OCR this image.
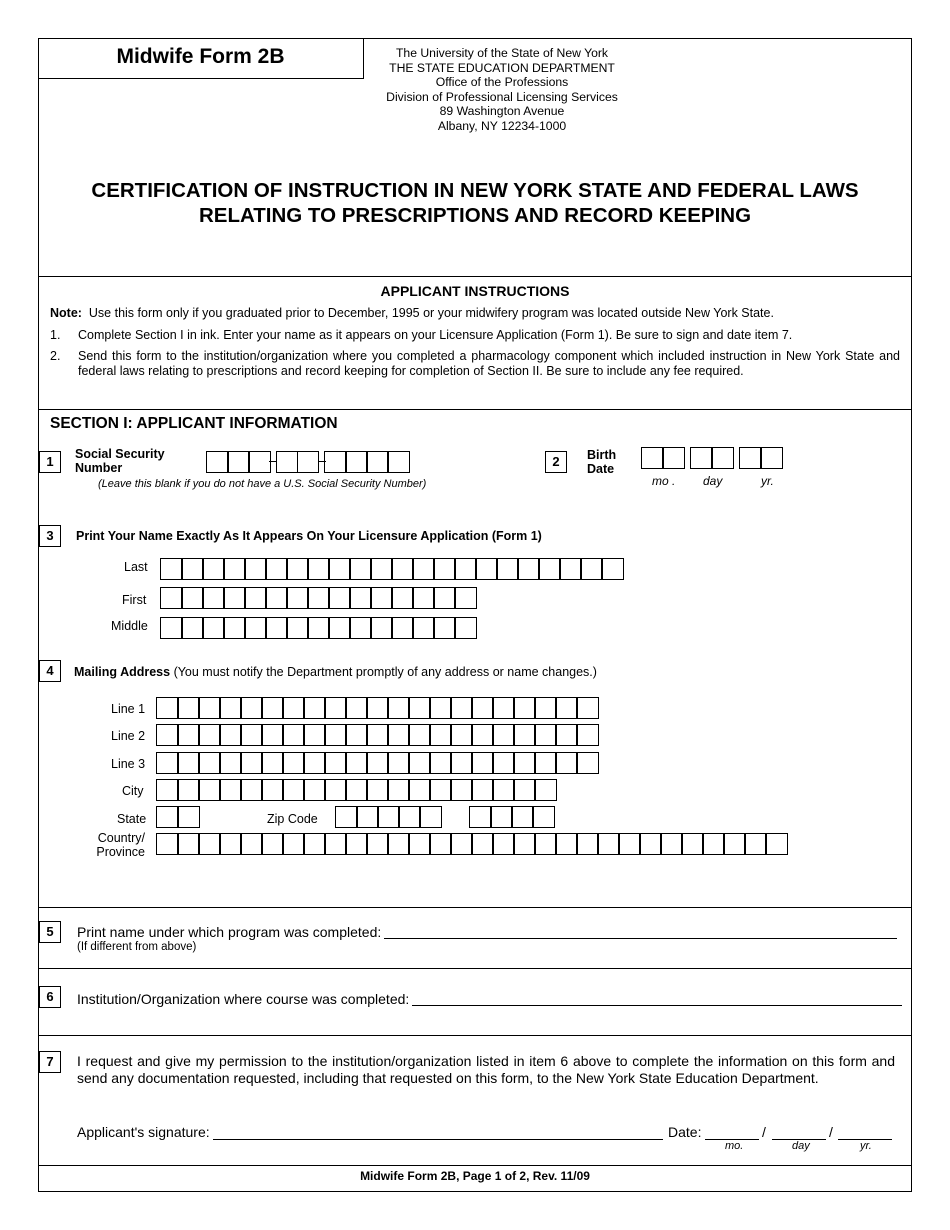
Midwife Form 2B	The University of the State of New York
THE STATE EDUCATION DEPARTMENT
Office of the Professions
Division of Professional Licensing Services
89 Washington Avenue
Albany, NY 12234-1000
CERTIFICATION OF INSTRUCTION IN NEW YORK STATE AND FEDERAL LAWS
RELATING TO PRESCRIPTIONS AND RECORD KEEPING
APPLICANT INSTRUCTIONS
Note: Use this form only if you graduated prior to December, 1995 or your midwifery program was located outside New York State.
1. Complete Section I in ink. Enter your name as it appears on your Licensure Application (Form 1). Be sure to sign and date item 7.
2. Send this form to the institution/organization where you completed a pharmacology component which included instruction in New York State and federal laws relating to prescriptions and record keeping for completion of Section II. Be sure to include any fee required.
SECTION I: APPLICANT INFORMATION
1	Social Security
Number
(Leave this blank if you do not have a U.S. Social Security Number)
2	Birth
Date
mo . day	yr.
3	Print Your Name Exactly As It Appears On Your Licensure Application (Form 1)
Last
First
Middle
4	Mailing Address (You must notify the Department promptly of any address or name changes.)
Line 1
Line 2
Line 3
City
State	Zip Code
Country/
Province
5	Print name under which program was completed:
(If different from above)
6	Institution/Organization where course was completed:
7	I request and give my permission to the institution/organization listed in item 6 above to complete the information on this form and send any documentation requested, including that requested on this form, to the New York State Education Department.
Applicant's signature:	Date:	/	/
mo.	day	yr.
Midwife Form 2B, Page 1 of 2, Rev. 11/09
